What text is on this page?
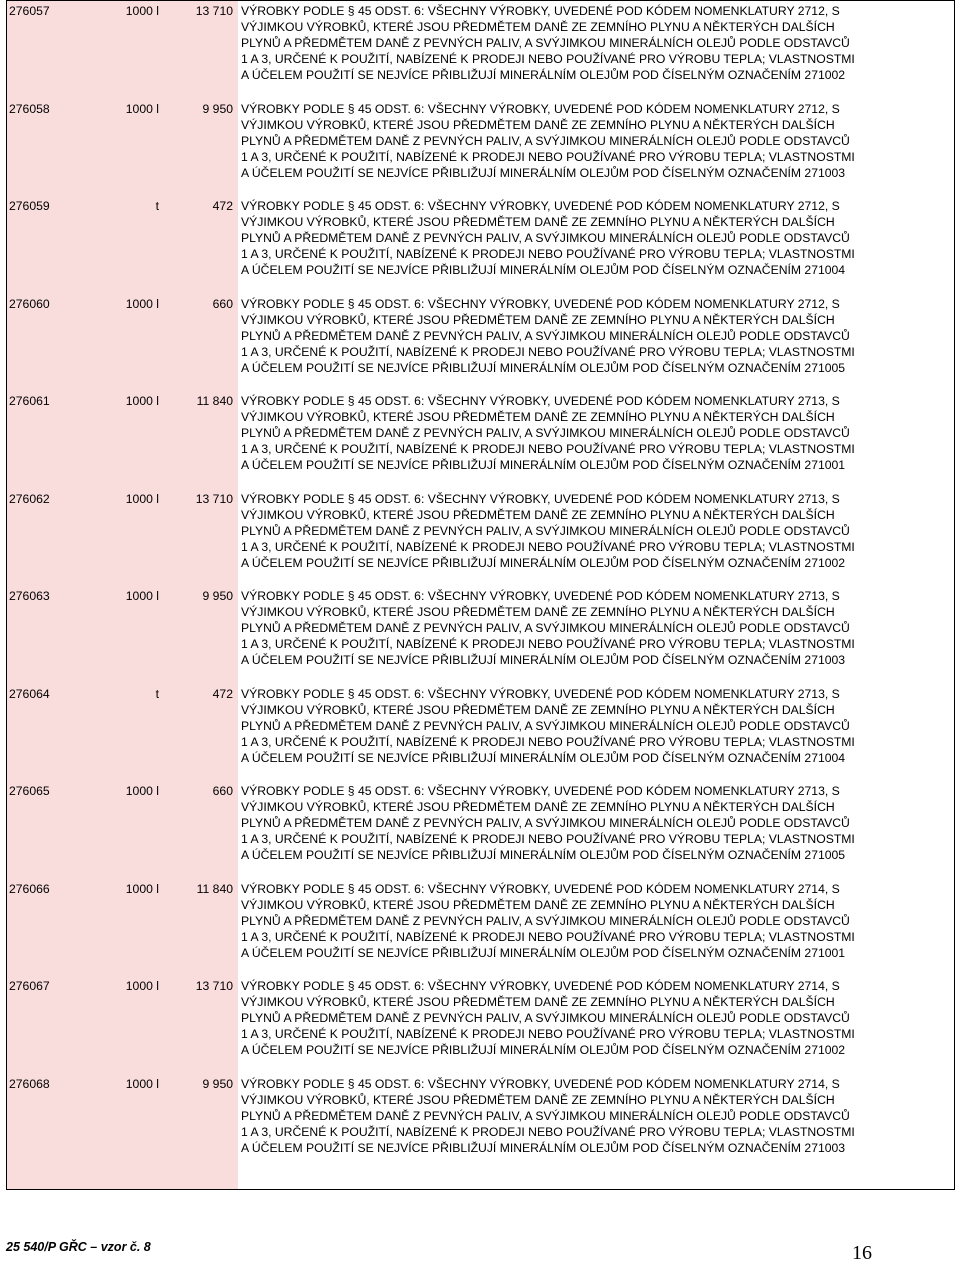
276057	1000 l	13 710 VÝROBKY PODLE § 45 ODST. 6: VŠECHNY VÝROBKY, UVEDENÉ POD KÓDEM NOMENKLATURY 2712, S
VÝJIMKOU VÝROBKŮ, KTERÉ JSOU PŘEDMĚTEM DANĚ ZE ZEMNÍHO PLYNU A NĚKTERÝCH DALŠÍCH
PLYNŮ A PŘEDMĚTEM DANĚ Z PEVNÝCH PALIV, A SVÝJIMKOU MINERÁLNÍCH OLEJŮ PODLE ODSTAVCŮ
1 A 3, URČENÉ K POUŽITÍ, NABÍZENÉ K PRODEJI NEBO POUŽÍVANÉ PRO VÝROBU TEPLA; VLASTNOSTMI
A ÚČELEM POUŽITÍ SE NEJVÍCE PŘIBLIŽUJÍ MINERÁLNÍM OLEJŮM POD ČÍSELNÝM OZNAČENÍM 271002
276058	1000 l	9 950 VÝROBKY PODLE § 45 ODST. 6: VŠECHNY VÝROBKY, UVEDENÉ POD KÓDEM NOMENKLATURY 2712, S
VÝJIMKOU VÝROBKŮ, KTERÉ JSOU PŘEDMĚTEM DANĚ ZE ZEMNÍHO PLYNU A NĚKTERÝCH DALŠÍCH
PLYNŮ A PŘEDMĚTEM DANĚ Z PEVNÝCH PALIV, A SVÝJIMKOU MINERÁLNÍCH OLEJŮ PODLE ODSTAVCŮ
1 A 3, URČENÉ K POUŽITÍ, NABÍZENÉ K PRODEJI NEBO POUŽÍVANÉ PRO VÝROBU TEPLA; VLASTNOSTMI
A ÚČELEM POUŽITÍ SE NEJVÍCE PŘIBLIŽUJÍ MINERÁLNÍM OLEJŮM POD ČÍSELNÝM OZNAČENÍM 271003
276059	t	472 VÝROBKY PODLE § 45 ODST. 6: VŠECHNY VÝROBKY, UVEDENÉ POD KÓDEM NOMENKLATURY 2712, S
VÝJIMKOU VÝROBKŮ, KTERÉ JSOU PŘEDMĚTEM DANĚ ZE ZEMNÍHO PLYNU A NĚKTERÝCH DALŠÍCH
PLYNŮ A PŘEDMĚTEM DANĚ Z PEVNÝCH PALIV, A SVÝJIMKOU MINERÁLNÍCH OLEJŮ PODLE ODSTAVCŮ
1 A 3, URČENÉ K POUŽITÍ, NABÍZENÉ K PRODEJI NEBO POUŽÍVANÉ PRO VÝROBU TEPLA; VLASTNOSTMI
A ÚČELEM POUŽITÍ SE NEJVÍCE PŘIBLIŽUJÍ MINERÁLNÍM OLEJŮM POD ČÍSELNÝM OZNAČENÍM 271004
276060	1000 l	660 VÝROBKY PODLE § 45 ODST. 6: VŠECHNY VÝROBKY, UVEDENÉ POD KÓDEM NOMENKLATURY 2712, S
VÝJIMKOU VÝROBKŮ, KTERÉ JSOU PŘEDMĚTEM DANĚ ZE ZEMNÍHO PLYNU A NĚKTERÝCH DALŠÍCH
PLYNŮ A PŘEDMĚTEM DANĚ Z PEVNÝCH PALIV, A SVÝJIMKOU MINERÁLNÍCH OLEJŮ PODLE ODSTAVCŮ
1 A 3, URČENÉ K POUŽITÍ, NABÍZENÉ K PRODEJI NEBO POUŽÍVANÉ PRO VÝROBU TEPLA; VLASTNOSTMI
A ÚČELEM POUŽITÍ SE NEJVÍCE PŘIBLIŽUJÍ MINERÁLNÍM OLEJŮM POD ČÍSELNÝM OZNAČENÍM 271005
276061	1000 l	11 840 VÝROBKY PODLE § 45 ODST. 6: VŠECHNY VÝROBKY, UVEDENÉ POD KÓDEM NOMENKLATURY 2713, S
VÝJIMKOU VÝROBKŮ, KTERÉ JSOU PŘEDMĚTEM DANĚ ZE ZEMNÍHO PLYNU A NĚKTERÝCH DALŠÍCH
PLYNŮ A PŘEDMĚTEM DANĚ Z PEVNÝCH PALIV, A SVÝJIMKOU MINERÁLNÍCH OLEJŮ PODLE ODSTAVCŮ
1 A 3, URČENÉ K POUŽITÍ, NABÍZENÉ K PRODEJI NEBO POUŽÍVANÉ PRO VÝROBU TEPLA; VLASTNOSTMI
A ÚČELEM POUŽITÍ SE NEJVÍCE PŘIBLIŽUJÍ MINERÁLNÍM OLEJŮM POD ČÍSELNÝM OZNAČENÍM 271001
276062	1000 l	13 710 VÝROBKY PODLE § 45 ODST. 6: VŠECHNY VÝROBKY, UVEDENÉ POD KÓDEM NOMENKLATURY 2713, S
VÝJIMKOU VÝROBKŮ, KTERÉ JSOU PŘEDMĚTEM DANĚ ZE ZEMNÍHO PLYNU A NĚKTERÝCH DALŠÍCH
PLYNŮ A PŘEDMĚTEM DANĚ Z PEVNÝCH PALIV, A SVÝJIMKOU MINERÁLNÍCH OLEJŮ PODLE ODSTAVCŮ
1 A 3, URČENÉ K POUŽITÍ, NABÍZENÉ K PRODEJI NEBO POUŽÍVANÉ PRO VÝROBU TEPLA; VLASTNOSTMI
A ÚČELEM POUŽITÍ SE NEJVÍCE PŘIBLIŽUJÍ MINERÁLNÍM OLEJŮM POD ČÍSELNÝM OZNAČENÍM 271002
276063	1000 l	9 950 VÝROBKY PODLE § 45 ODST. 6: VŠECHNY VÝROBKY, UVEDENÉ POD KÓDEM NOMENKLATURY 2713, S
VÝJIMKOU VÝROBKŮ, KTERÉ JSOU PŘEDMĚTEM DANĚ ZE ZEMNÍHO PLYNU A NĚKTERÝCH DALŠÍCH
PLYNŮ A PŘEDMĚTEM DANĚ Z PEVNÝCH PALIV, A SVÝJIMKOU MINERÁLNÍCH OLEJŮ PODLE ODSTAVCŮ
1 A 3, URČENÉ K POUŽITÍ, NABÍZENÉ K PRODEJI NEBO POUŽÍVANÉ PRO VÝROBU TEPLA; VLASTNOSTMI
A ÚČELEM POUŽITÍ SE NEJVÍCE PŘIBLIŽUJÍ MINERÁLNÍM OLEJŮM POD ČÍSELNÝM OZNAČENÍM 271003
276064	t	472 VÝROBKY PODLE § 45 ODST. 6: VŠECHNY VÝROBKY, UVEDENÉ POD KÓDEM NOMENKLATURY 2713, S
VÝJIMKOU VÝROBKŮ, KTERÉ JSOU PŘEDMĚTEM DANĚ ZE ZEMNÍHO PLYNU A NĚKTERÝCH DALŠÍCH
PLYNŮ A PŘEDMĚTEM DANĚ Z PEVNÝCH PALIV, A SVÝJIMKOU MINERÁLNÍCH OLEJŮ PODLE ODSTAVCŮ
1 A 3, URČENÉ K POUŽITÍ, NABÍZENÉ K PRODEJI NEBO POUŽÍVANÉ PRO VÝROBU TEPLA; VLASTNOSTMI
A ÚČELEM POUŽITÍ SE NEJVÍCE PŘIBLIŽUJÍ MINERÁLNÍM OLEJŮM POD ČÍSELNÝM OZNAČENÍM 271004
276065	1000 l	660 VÝROBKY PODLE § 45 ODST. 6: VŠECHNY VÝROBKY, UVEDENÉ POD KÓDEM NOMENKLATURY 2713, S
VÝJIMKOU VÝROBKŮ, KTERÉ JSOU PŘEDMĚTEM DANĚ ZE ZEMNÍHO PLYNU A NĚKTERÝCH DALŠÍCH
PLYNŮ A PŘEDMĚTEM DANĚ Z PEVNÝCH PALIV, A SVÝJIMKOU MINERÁLNÍCH OLEJŮ PODLE ODSTAVCŮ
1 A 3, URČENÉ K POUŽITÍ, NABÍZENÉ K PRODEJI NEBO POUŽÍVANÉ PRO VÝROBU TEPLA; VLASTNOSTMI
A ÚČELEM POUŽITÍ SE NEJVÍCE PŘIBLIŽUJÍ MINERÁLNÍM OLEJŮM POD ČÍSELNÝM OZNAČENÍM 271005
276066	1000 l	11 840 VÝROBKY PODLE § 45 ODST. 6: VŠECHNY VÝROBKY, UVEDENÉ POD KÓDEM NOMENKLATURY 2714, S
VÝJIMKOU VÝROBKŮ, KTERÉ JSOU PŘEDMĚTEM DANĚ ZE ZEMNÍHO PLYNU A NĚKTERÝCH DALŠÍCH
PLYNŮ A PŘEDMĚTEM DANĚ Z PEVNÝCH PALIV, A SVÝJIMKOU MINERÁLNÍCH OLEJŮ PODLE ODSTAVCŮ
1 A 3, URČENÉ K POUŽITÍ, NABÍZENÉ K PRODEJI NEBO POUŽÍVANÉ PRO VÝROBU TEPLA; VLASTNOSTMI
A ÚČELEM POUŽITÍ SE NEJVÍCE PŘIBLIŽUJÍ MINERÁLNÍM OLEJŮM POD ČÍSELNÝM OZNAČENÍM 271001
276067	1000 l	13 710 VÝROBKY PODLE § 45 ODST. 6: VŠECHNY VÝROBKY, UVEDENÉ POD KÓDEM NOMENKLATURY 2714, S
VÝJIMKOU VÝROBKŮ, KTERÉ JSOU PŘEDMĚTEM DANĚ ZE ZEMNÍHO PLYNU A NĚKTERÝCH DALŠÍCH
PLYNŮ A PŘEDMĚTEM DANĚ Z PEVNÝCH PALIV, A SVÝJIMKOU MINERÁLNÍCH OLEJŮ PODLE ODSTAVCŮ
1 A 3, URČENÉ K POUŽITÍ, NABÍZENÉ K PRODEJI NEBO POUŽÍVANÉ PRO VÝROBU TEPLA; VLASTNOSTMI
A ÚČELEM POUŽITÍ SE NEJVÍCE PŘIBLIŽUJÍ MINERÁLNÍM OLEJŮM POD ČÍSELNÝM OZNAČENÍM 271002
276068	1000 l	9 950 VÝROBKY PODLE § 45 ODST. 6: VŠECHNY VÝROBKY, UVEDENÉ POD KÓDEM NOMENKLATURY 2714, S
VÝJIMKOU VÝROBKŮ, KTERÉ JSOU PŘEDMĚTEM DANĚ ZE ZEMNÍHO PLYNU A NĚKTERÝCH DALŠÍCH
PLYNŮ A PŘEDMĚTEM DANĚ Z PEVNÝCH PALIV, A SVÝJIMKOU MINERÁLNÍCH OLEJŮ PODLE ODSTAVCŮ
1 A 3, URČENÉ K POUŽITÍ, NABÍZENÉ K PRODEJI NEBO POUŽÍVANÉ PRO VÝROBU TEPLA; VLASTNOSTMI
A ÚČELEM POUŽITÍ SE NEJVÍCE PŘIBLIŽUJÍ MINERÁLNÍM OLEJŮM POD ČÍSELNÝM OZNAČENÍM 271003
25 540/P GŘC – vzor č. 8	16
